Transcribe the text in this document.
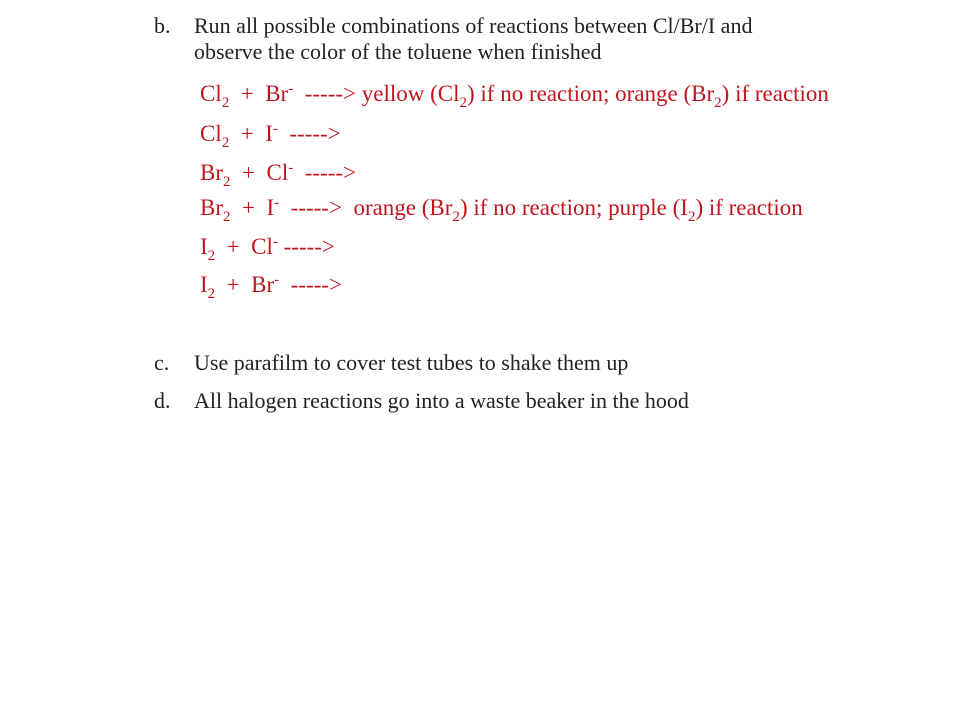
b.	Run all possible combinations of reactions between Cl/Br/I and
observe the color of the toluene when finished
$Cl_2 + Br^-$  -----> yellow $(Cl_2)$ if no reaction; orange $(Br_2)$ if reaction
$Cl_2 + I^-$  ----->
$Br_2 + Cl^-$  ----->
$Br_2 + I^-$  ----->  orange $(Br_2)$ if no reaction; purple $(I_2)$ if reaction
$I_2 + Cl^-$ ----->
$I_2 + Br^-$  ----->
c.	Use parafilm to cover test tubes to shake them up
d.	All halogen reactions go into a waste beaker in the hood
